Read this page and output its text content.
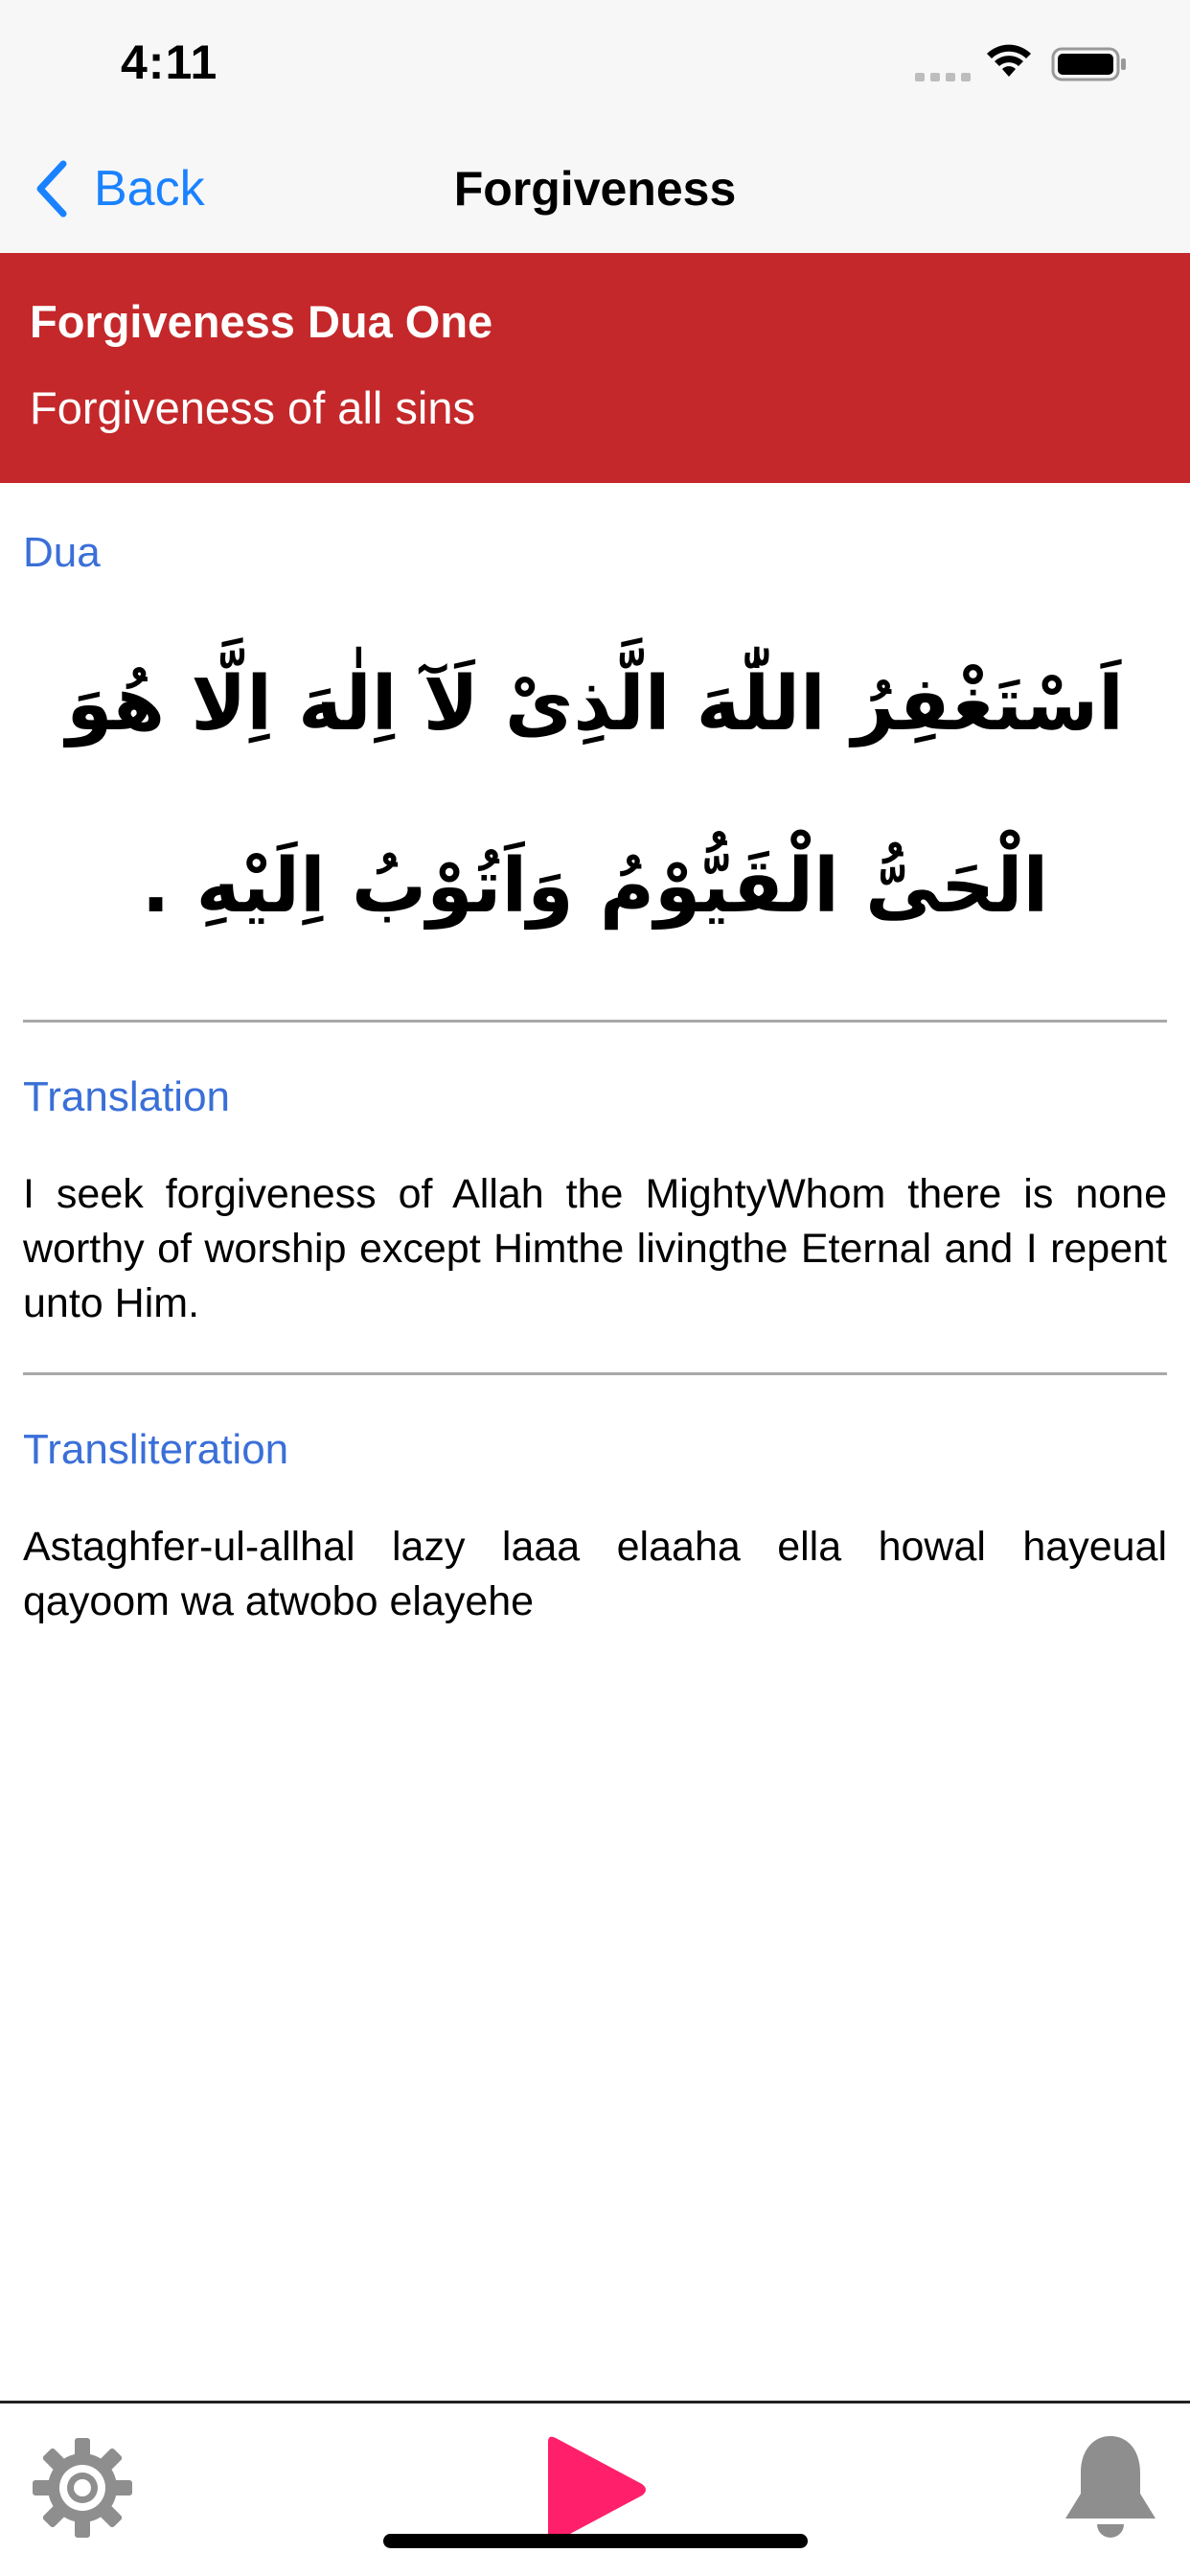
4:11
Back	Forgiveness
Forgiveness Dua One
Forgiveness of all sins
Dua
اَسْتَغْفِرُ اللّٰهَ الَّذِىْ لَآ اِلٰهَ اِلَّا هُوَ الْحَىُّ الْقَيُّوْمُ وَاَتُوْبُ اِلَيْهِ .
Translation
I seek forgiveness of Allah the MightyWhom there is none worthy of worship except Himthe livingthe Eternal and I repent unto Him.
Transliteration
Astaghfer-ul-allhal lazy laaa elaaha ella howal hayeual qayoom wa atwobo elayehe
